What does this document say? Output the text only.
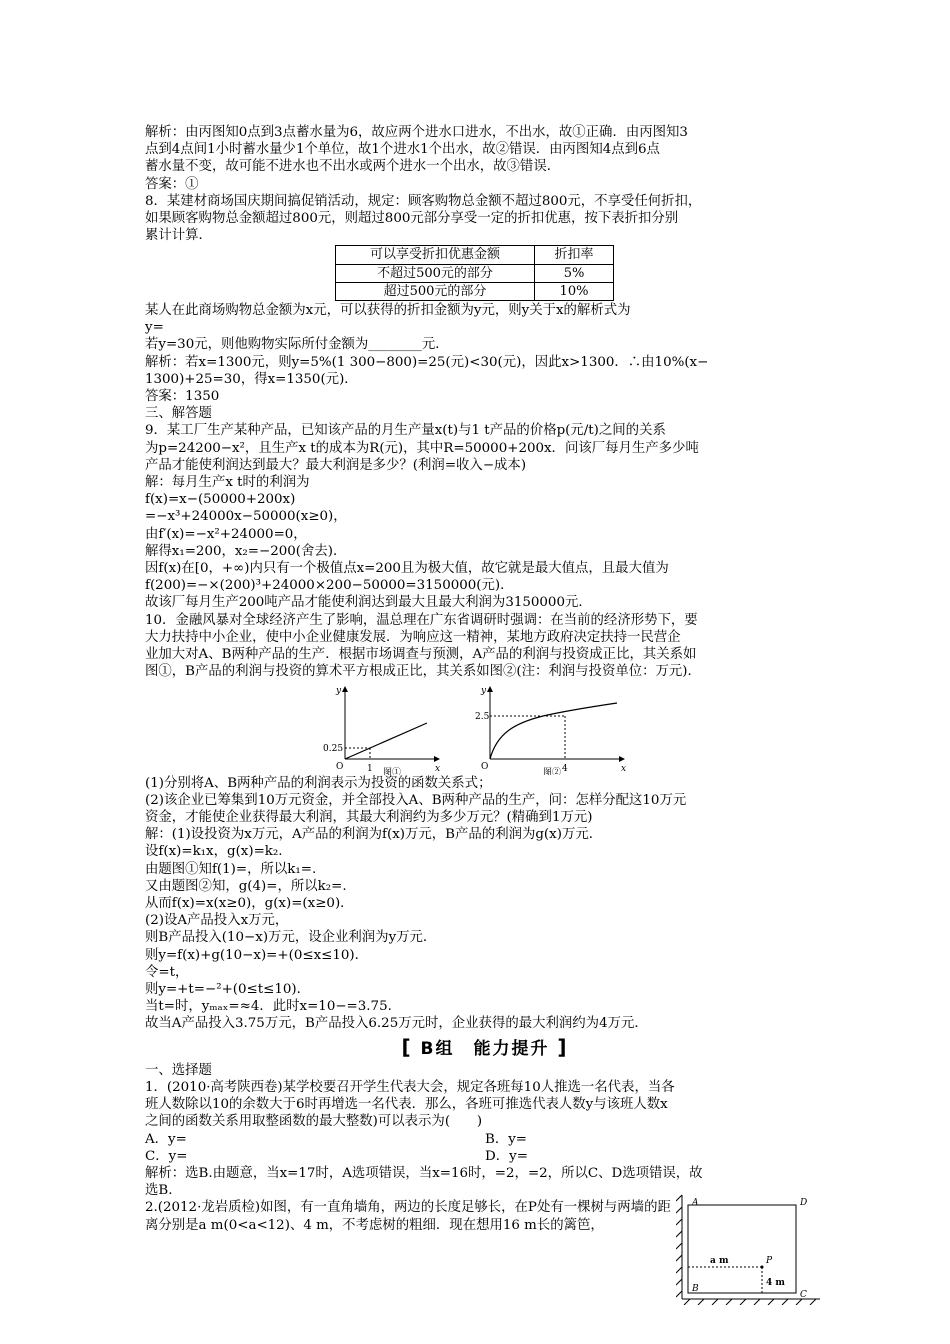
解析：由丙图知0点到3点蓄水量为6，故应两个进水口进水，不出水，故①正确．由丙图知3

点到4点间1小时蓄水量少1个单位，故1个进水1个出水，故②错误．由丙图知4点到6点

蓄水量不变，故可能不进水也不出水或两个进水一个出水，故③错误．

答案：①

8．某建材商场国庆期间搞促销活动，规定：顾客购物总金额不超过800元，不享受任何折扣，

如果顾客购物总金额超过800元，则超过800元部分享受一定的折扣优惠，按下表折扣分别

累计计算．

可以享受折扣优惠金额	折扣率
不超过500元的部分	5%
超过500元的部分	10%

某人在此商场购物总金额为x元，可以获得的折扣金额为y元，则y关于x的解析式为

y=

若y=30元，则他购物实际所付金额为________元．

解析：若x=1300元，则y=5%(1 300−800)=25(元)<30(元)，因此x>1300．∴由10%(x−

1300)+25=30，得x=1350(元)．

答案：1350

三、解答题

9．某工厂生产某种产品，已知该产品的月生产量x(t)与1 t产品的价格p(元/t)之间的关系

为p=24200−x²，且生产x t的成本为R(元)，其中R=50000+200x．问该厂每月生产多少吨

产品才能使利润达到最大？最大利润是多少？(利润=收入−成本)

解：每月生产x t时的利润为

f(x)=x−(50000+200x)

=−x³+24000x−50000(x≥0)，

由f′(x)=−x²+24000=0，

解得x₁=200，x₂=−200(舍去)．

因f(x)在[0，+∞)内只有一个极值点x=200且为极大值，故它就是最大值点，且最大值为

f(200)=−×(200)³+24000×200−50000=3150000(元)．

故该厂每月生产200吨产品才能使利润达到最大且最大利润为3150000元．

10．金融风暴对全球经济产生了影响，温总理在广东省调研时强调：在当前的经济形势下，要

大力扶持中小企业，使中小企业健康发展．为响应这一精神，某地方政府决定扶持一民营企

业加大对A、B两种产品的生产．根据市场调查与预测，A产品的利润与投资成正比，其关系如

图①，B产品的利润与投资的算术平方根成正比，其关系如图②(注：利润与投资单位：万元)．

y
x
O
0.25
1 图①
y
x
O
2.5
4
图②

(1)分别将A、B两种产品的利润表示为投资的函数关系式；

(2)该企业已筹集到10万元资金，并全部投入A、B两种产品的生产，问：怎样分配这10万元

资金，才能使企业获得最大利润，其最大利润约为多少万元？(精确到1万元)

解：(1)设投资为x万元，A产品的利润为f(x)万元，B产品的利润为g(x)万元．

设f(x)=k₁x，g(x)=k₂.

由题图①知f(1)=，所以k₁=.

又由题图②知，g(4)=，所以k₂=.

从而f(x)=x(x≥0)，g(x)=(x≥0)．

(2)设A产品投入x万元，

则B产品投入(10−x)万元，设企业利润为y万元．

则y=f(x)+g(10−x)=+(0≤x≤10)．

令=t，

则y=+t=−²+(0≤t≤10)．

当t=时，yₘₐₓ=≈4．此时x=10−=3.75.

故当A产品投入3.75万元，B产品投入6.25万元时，企业获得的最大利润约为4万元．

[ B组　能力提升 ]

一、选择题

1．(2010·高考陕西卷)某学校要召开学生代表大会，规定各班每10人推选一名代表，当各

班人数除以10的余数大于6时再增选一名代表．那么，各班可推选代表人数y与该班人数x

之间的函数关系用取整函数的最大整数)可以表示为(　　)

A．y=	B．y=
C．y=	D．y=

解析：选B.由题意，当x=17时，A选项错误，当x=16时，=2，=2，所以C、D选项错误，故

选B.

2.(2012·龙岩质检)如图，有一直角墙角，两边的长度足够长，在P处有一棵树与两墙的距

离分别是a m(0<a<12)、4 m，不考虑树的粗细．现在想用16 m长的篱笆，

A
B
C
D
P
a m
4 m
